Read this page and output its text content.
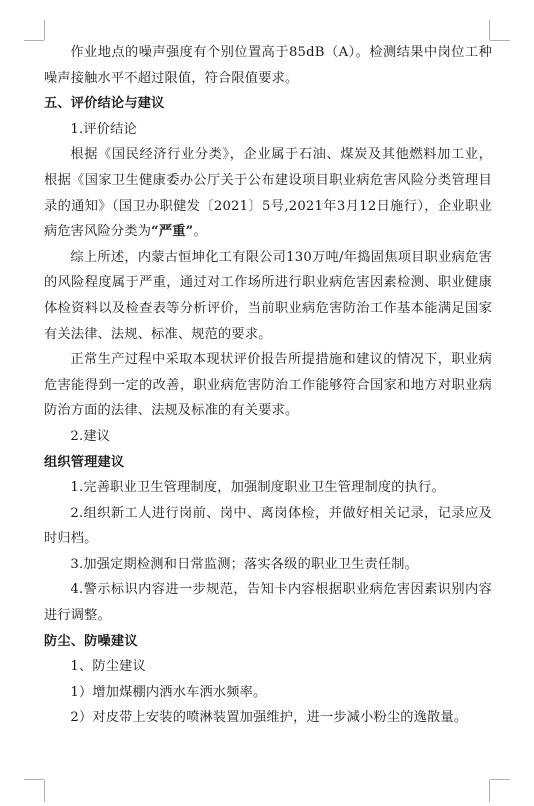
作业地点的噪声强度有个别位置高于85dB（A）。检测结果中岗位工种噪声接触水平不超过限值，符合限值要求。

五、评价结论与建议

1.评价结论

根据《国民经济行业分类》，企业属于石油、煤炭及其他燃料加工业，根据《国家卫生健康委办公厅关于公布建设项目职业病危害风险分类管理目录的通知》（国卫办职健发〔2021〕5号,2021年3月12日施行），企业职业病危害风险分类为“严重”。

综上所述，内蒙古恒坤化工有限公司130万吨/年捣固焦项目职业病危害的风险程度属于严重，通过对工作场所进行职业病危害因素检测、职业健康体检资料以及检查表等分析评价，当前职业病危害防治工作基本能满足国家有关法律、法规、标准、规范的要求。

正常生产过程中采取本现状评价报告所提措施和建议的情况下，职业病危害能得到一定的改善，职业病危害防治工作能够符合国家和地方对职业病防治方面的法律、法规及标准的有关要求。

2.建议

组织管理建议

1.完善职业卫生管理制度，加强制度职业卫生管理制度的执行。

2.组织新工人进行岗前、岗中、离岗体检，并做好相关记录，记录应及时归档。

3.加强定期检测和日常监测；落实各级的职业卫生责任制。

4.警示标识内容进一步规范，告知卡内容根据职业病危害因素识别内容进行调整。

防尘、防噪建议

1、防尘建议

1）增加煤棚内洒水车洒水频率。

2）对皮带上安装的喷淋装置加强维护，进一步减小粉尘的逸散量。
